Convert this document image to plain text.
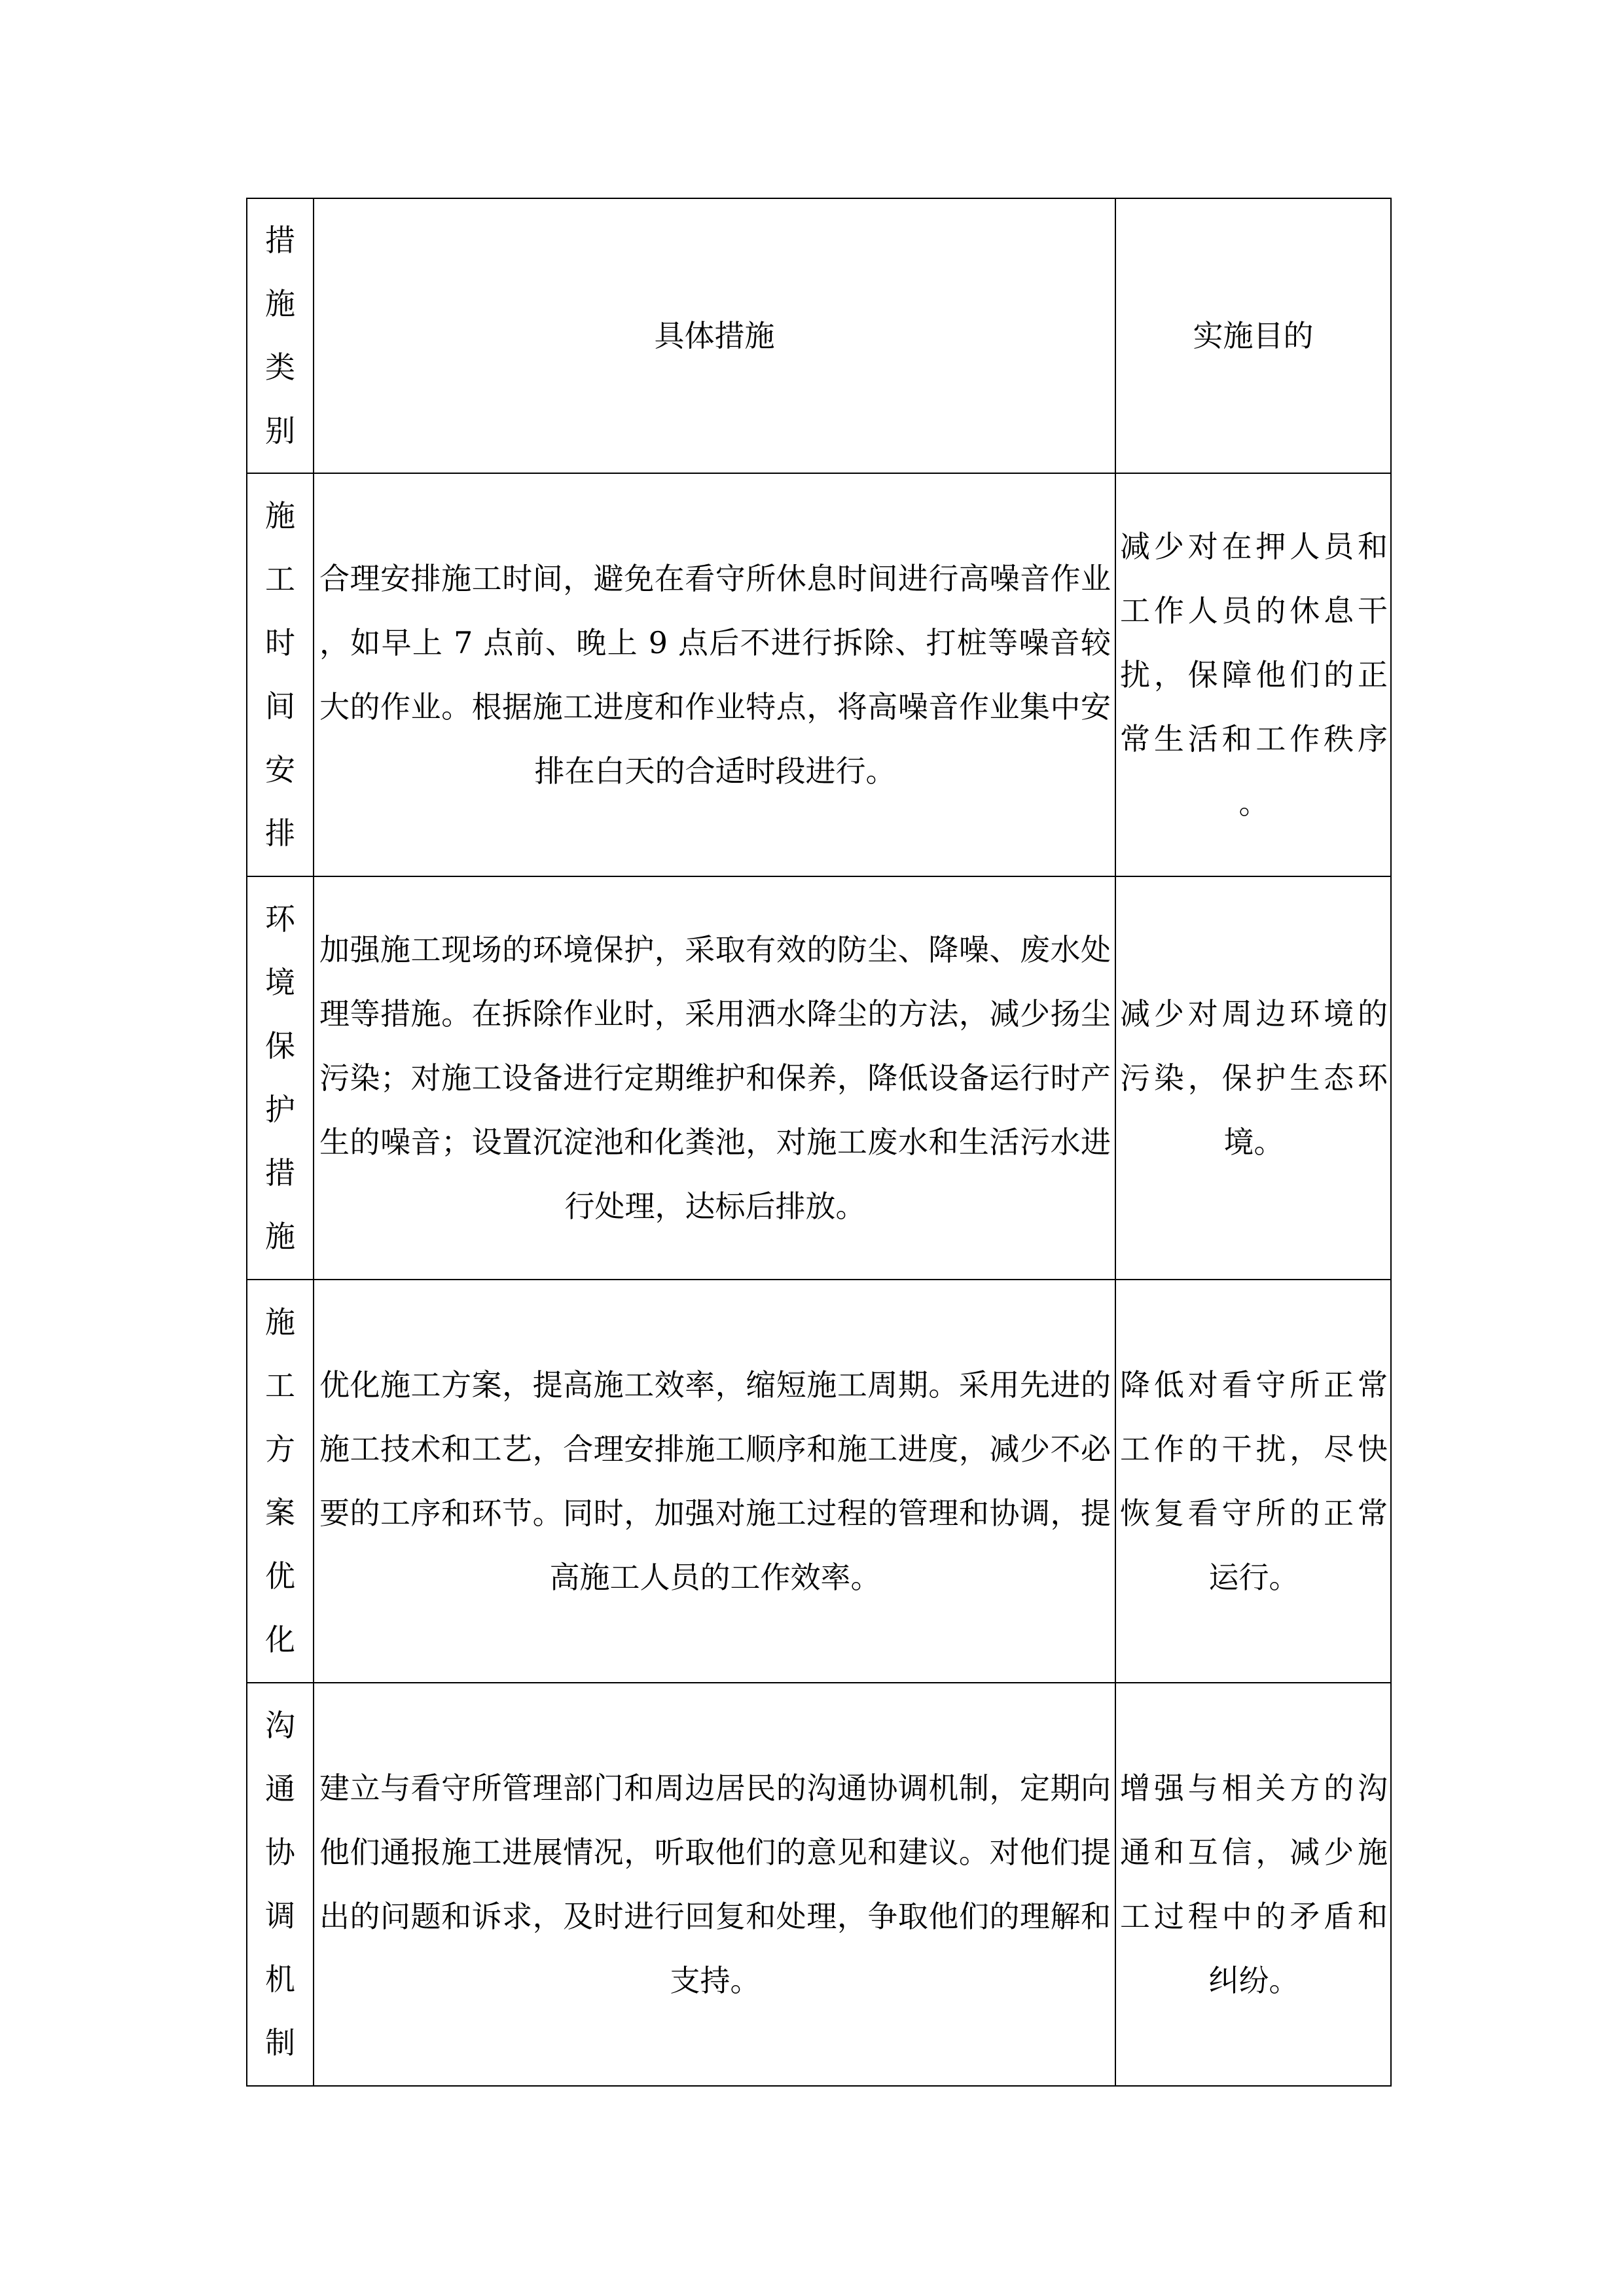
措施类别	具体措施	实施目的

施工时间安排	合理安排施工时间，避免在看守所休息时间进行高噪音作业，如早上 7 点前、晚上 9 点后不进行拆除、打桩等噪音较大的作业。根据施工进度和作业特点，将高噪音作业集中安排在白天的合适时段进行。	减少对在押人员和工作人员的休息干扰，保障他们的正常生活和工作秩序。

环境保护措施	加强施工现场的环境保护，采取有效的防尘、降噪、废水处理等措施。在拆除作业时，采用洒水降尘的方法，减少扬尘污染；对施工设备进行定期维护和保养，降低设备运行时产生的噪音；设置沉淀池和化粪池，对施工废水和生活污水进行处理，达标后排放。	减少对周边环境的污染，保护生态环境。

施工方案优化	优化施工方案，提高施工效率，缩短施工周期。采用先进的施工技术和工艺，合理安排施工顺序和施工进度，减少不必要的工序和环节。同时，加强对施工过程的管理和协调，提高施工人员的工作效率。	降低对看守所正常工作的干扰，尽快恢复看守所的正常运行。

沟通协调机制	建立与看守所管理部门和周边居民的沟通协调机制，定期向他们通报施工进展情况，听取他们的意见和建议。对他们提出的问题和诉求，及时进行回复和处理，争取他们的理解和支持。	增强与相关方的沟通和互信，减少施工过程中的矛盾和纠纷。
